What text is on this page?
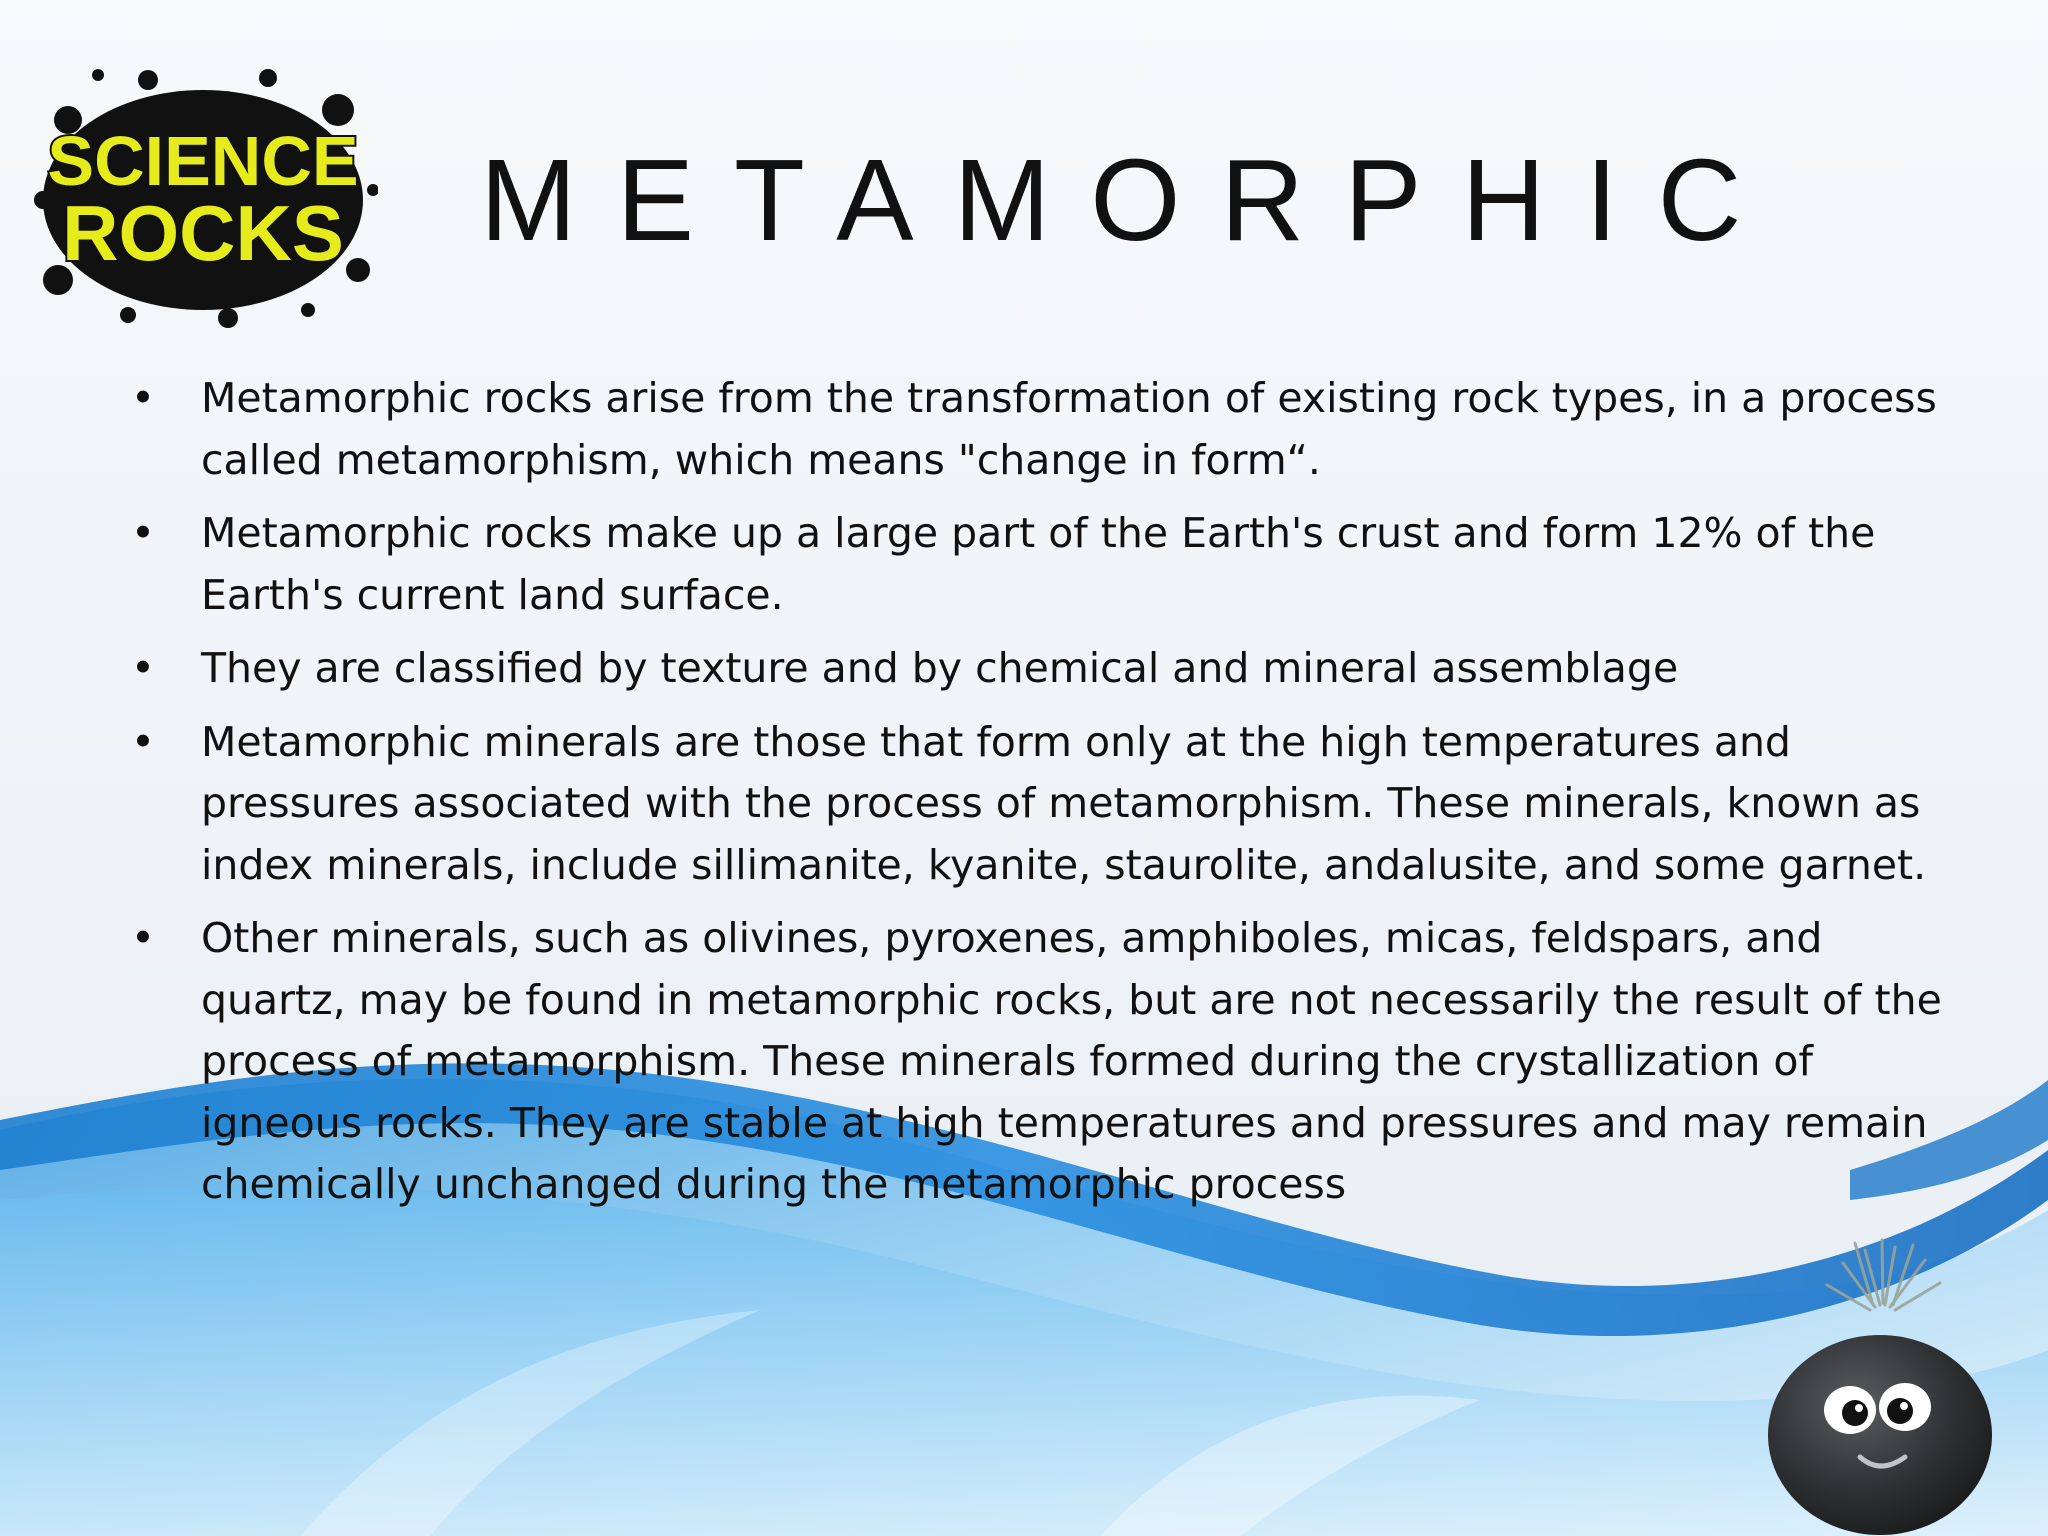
SCIENCE
ROCKS METAMORPHIC
• Metamorphic rocks arise from the transformation of existing rock types, in a process called metamorphism, which means "change in form“.
• Metamorphic rocks make up a large part of the Earth's crust and form 12% of the Earth's current land surface.
• They are classified by texture and by chemical and mineral assemblage
• Metamorphic minerals are those that form only at the high temperatures and pressures associated with the process of metamorphism. These minerals, known as index minerals, include sillimanite, kyanite, staurolite, andalusite, and some garnet.
• Other minerals, such as olivines, pyroxenes, amphiboles, micas, feldspars, and quartz, may be found in metamorphic rocks, but are not necessarily the result of the process of metamorphism. These minerals formed during the crystallization of igneous rocks. They are stable at high temperatures and pressures and may remain chemically unchanged during the metamorphic process
